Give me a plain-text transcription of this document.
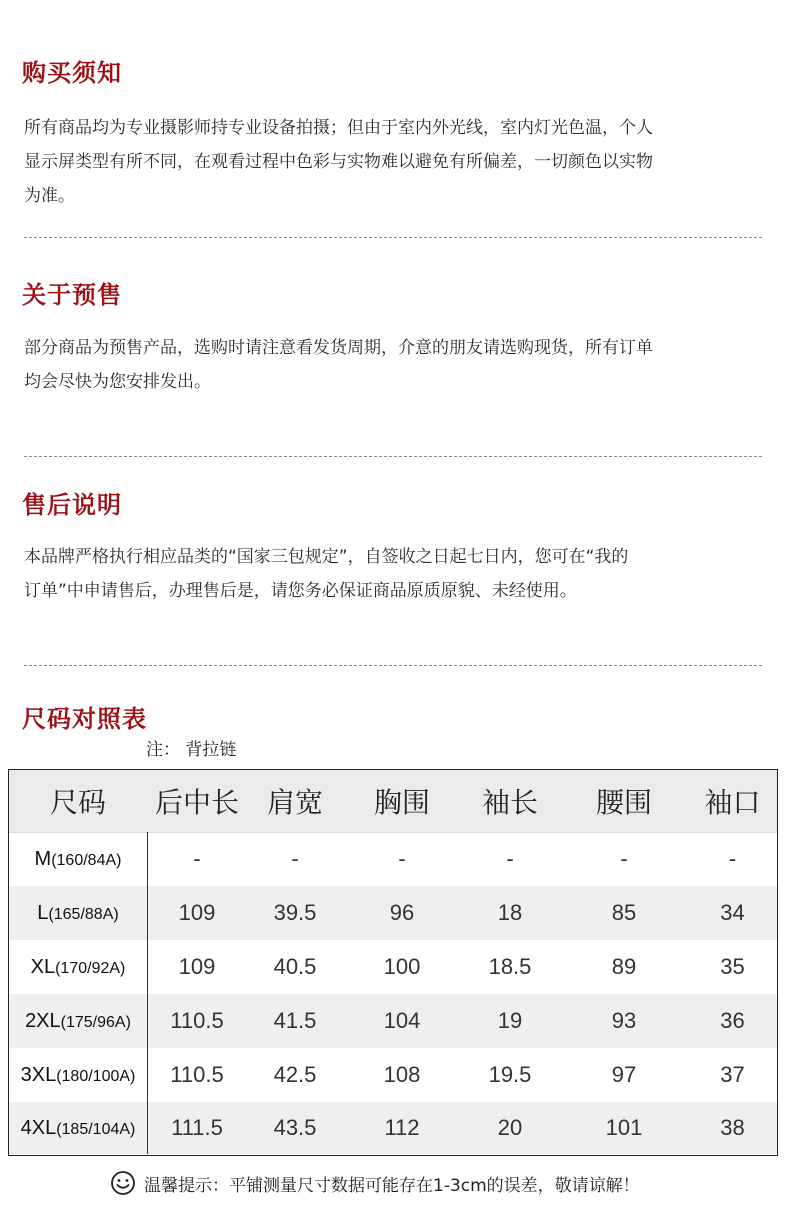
购买须知
所有商品均为专业摄影师持专业设备拍摄；但由于室内外光线，室内灯光色温，个人
显示屏类型有所不同，在观看过程中色彩与实物难以避免有所偏差，一切颜色以实物
为准。
关于预售
部分商品为预售产品，选购时请注意看发货周期，介意的朋友请选购现货，所有订单
均会尽快为您安排发出。
售后说明
本品牌严格执行相应品类的“国家三包规定”，自签收之日起七日内，您可在“我的
订单”中申请售后，办理售后是，请您务必保证商品原质原貌、未经使用。
尺码对照表
注： 背拉链
尺码	后中长 肩宽	胸围	袖长	腰围	袖口
M(160/84A)	-	-	-	-	-	-
L(165/88A)	109	39.5	96	18	85	34
XL(170/92A)	109	40.5	100	18.5	89	35
2XL(175/96A)	110.5	41.5	104	19	93	36
3XL(180/100A)	110.5	42.5	108	19.5	97	37
4XL(185/104A)	111.5	43.5	112	20	101	38
温馨提示：平铺测量尺寸数据可能存在1-3cm的误差，敬请谅解！
